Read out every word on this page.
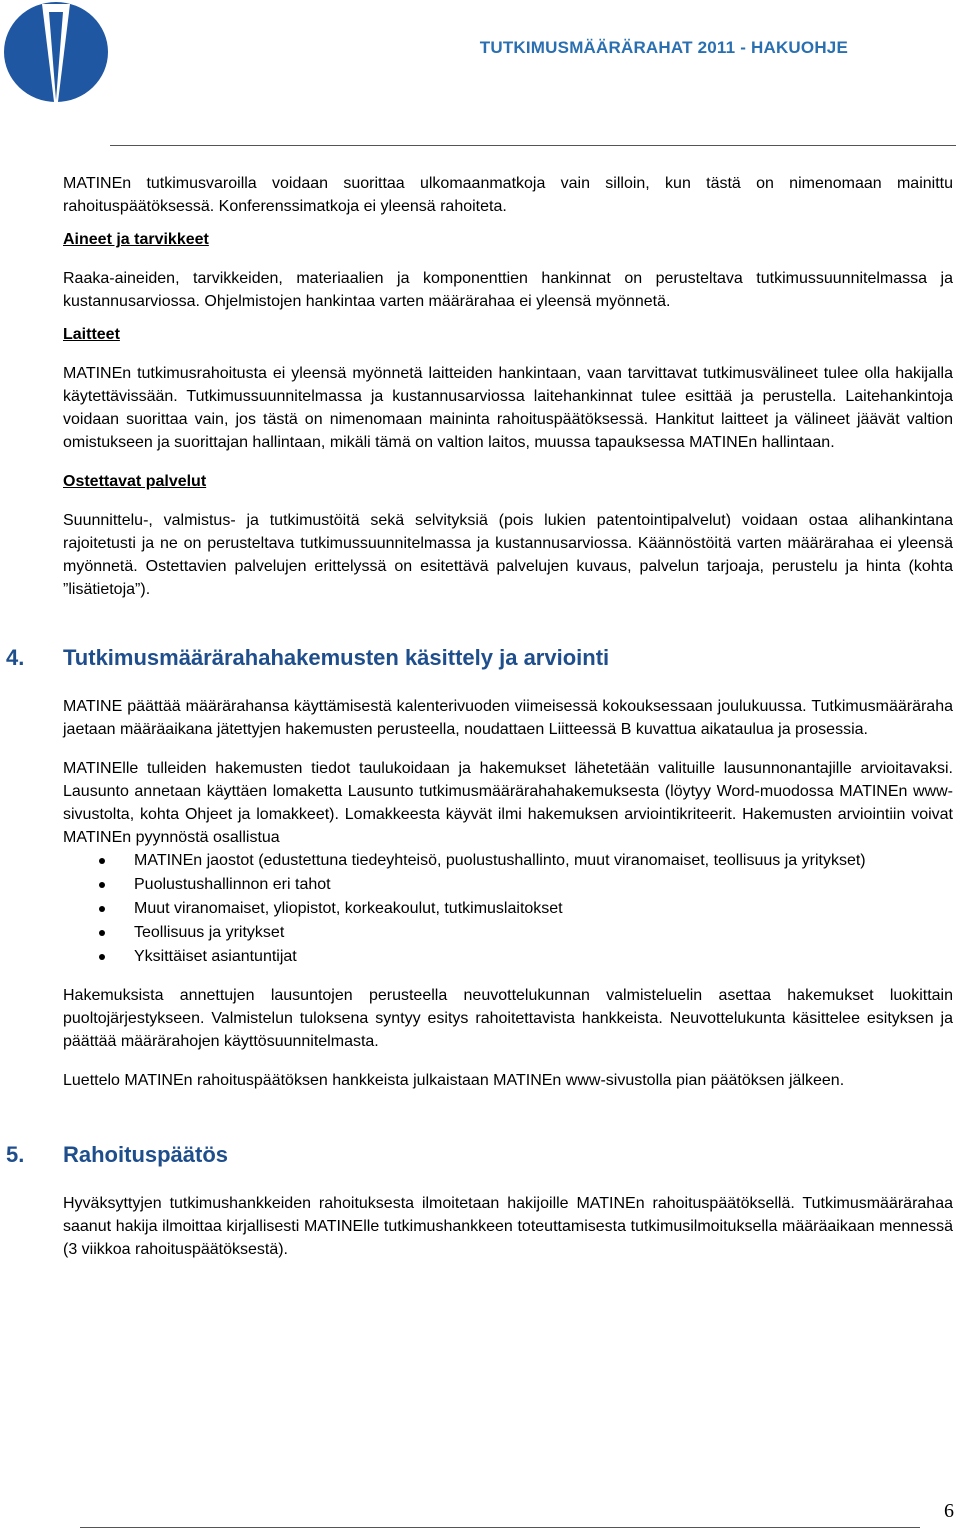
TUTKIMUSMÄÄRÄRAHAT 2011 - HAKUOHJE

MATINEn tutkimusvaroilla voidaan suorittaa ulkomaanmatkoja vain silloin, kun tästä on nimenomaan mainittu rahoituspäätöksessä. Konferenssimatkoja ei yleensä rahoiteta.

Aineet ja tarvikkeet

Raaka-aineiden, tarvikkeiden, materiaalien ja komponenttien hankinnat on perusteltava tutkimussuunnitelmassa ja kustannusarviossa. Ohjelmistojen hankintaa varten määrärahaa ei yleensä myönnetä.

Laitteet

MATINEn tutkimusrahoitusta ei yleensä myönnetä laitteiden hankintaan, vaan tarvittavat tutkimusvälineet tulee olla hakijalla käytettävissään. Tutkimussuunnitelmassa ja kustannusarviossa laitehankinnat tulee esittää ja perustella. Laitehankintoja voidaan suorittaa vain, jos tästä on nimenomaan maininta rahoituspäätöksessä. Hankitut laitteet ja välineet jäävät valtion omistukseen ja suorittajan hallintaan, mikäli tämä on valtion laitos, muussa tapauksessa MATINEn hallintaan.

Ostettavat palvelut

Suunnittelu-, valmistus- ja tutkimustöitä sekä selvityksiä (pois lukien patentointipalvelut) voidaan ostaa alihankintana rajoitetusti ja ne on perusteltava tutkimussuunnitelmassa ja kustannusarviossa. Käännöstöitä varten määrärahaa ei yleensä myönnetä. Ostettavien palvelujen erittelyssä on esitettävä palvelujen kuvaus, palvelun tarjoaja, perustelu ja hinta (kohta ”lisätietoja”).

4.	Tutkimusmäärärahahakemusten käsittely ja arviointi

MATINE päättää määrärahansa käyttämisestä kalenterivuoden viimeisessä kokouksessaan joulukuussa. Tutkimusmääräraha jaetaan määräaikana jätettyjen hakemusten perusteella, noudattaen Liitteessä B kuvattua aikataulua ja prosessia.

MATINElle tulleiden hakemusten tiedot taulukoidaan ja hakemukset lähetetään valituille lausunnonantajille arvioitavaksi. Lausunto annetaan käyttäen lomaketta Lausunto tutkimusmäärärahahakemuksesta (löytyy Word-muodossa MATINEn www-sivustolta, kohta Ohjeet ja lomakkeet). Lomakkeesta käyvät ilmi hakemuksen arviointikriteerit. Hakemusten arviointiin voivat MATINEn pyynnöstä osallistua

MATINEn jaostot (edustettuna tiedeyhteisö, puolustushallinto, muut viranomaiset, teollisuus ja yritykset)
Puolustushallinnon eri tahot
Muut viranomaiset, yliopistot, korkeakoulut, tutkimuslaitokset
Teollisuus ja yritykset
Yksittäiset asiantuntijat

Hakemuksista annettujen lausuntojen perusteella neuvottelukunnan valmisteluelin asettaa hakemukset luokittain puoltojärjestykseen. Valmistelun tuloksena syntyy esitys rahoitettavista hankkeista. Neuvottelukunta käsittelee esityksen ja päättää määrärahojen käyttösuunnitelmasta.

Luettelo MATINEn rahoituspäätöksen hankkeista julkaistaan MATINEn www-sivustolla pian päätöksen jälkeen.

5.	Rahoituspäätös

Hyväksyttyjen tutkimushankkeiden rahoituksesta ilmoitetaan hakijoille MATINEn rahoituspäätöksellä. Tutkimusmäärärahaa saanut hakija ilmoittaa kirjallisesti MATINElle tutkimushankkeen toteuttamisesta tutkimusilmoituksella määräaikaan mennessä (3 viikkoa rahoituspäätöksestä).

6
